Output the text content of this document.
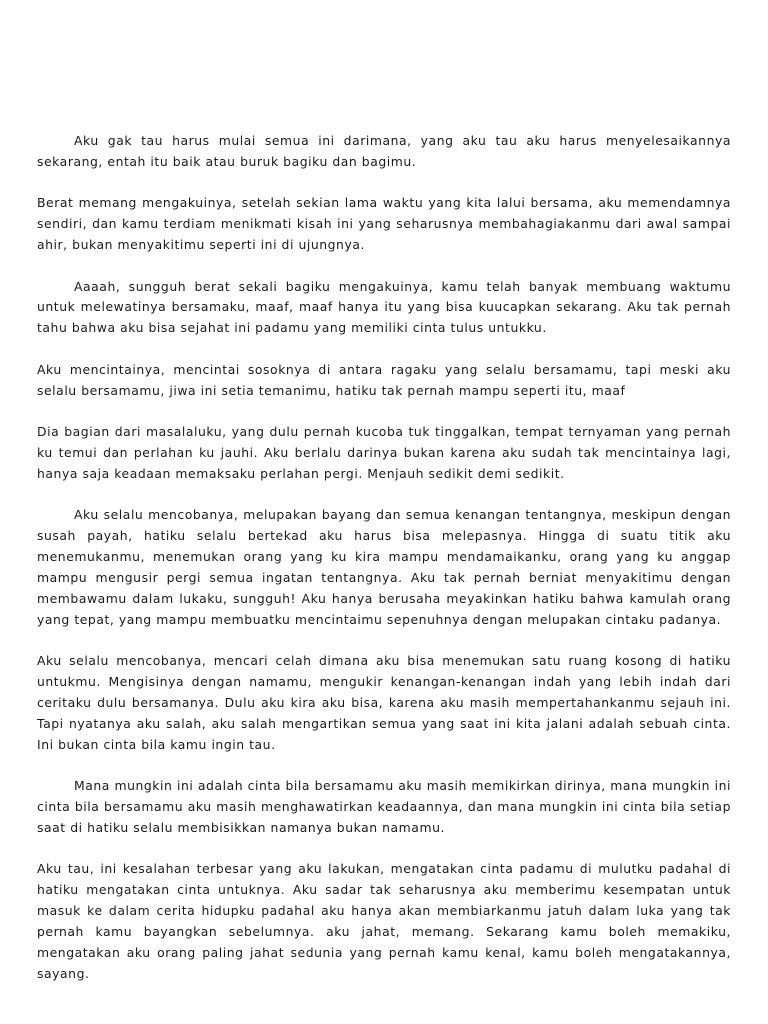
Aku gak tau harus mulai semua ini darimana, yang aku tau aku harus menyelesaikannya sekarang, entah itu baik atau buruk bagiku dan bagimu.

Berat memang mengakuinya, setelah sekian lama waktu yang kita lalui bersama, aku memendamnya sendiri, dan kamu terdiam menikmati kisah ini yang seharusnya membahagiakanmu dari awal sampai ahir, bukan menyakitimu seperti ini di ujungnya.

Aaaah, sungguh berat sekali bagiku mengakuinya, kamu telah banyak membuang waktumu untuk melewatinya bersamaku, maaf, maaf hanya itu yang bisa kuucapkan sekarang. Aku tak pernah tahu bahwa aku bisa sejahat ini padamu yang memiliki cinta tulus untukku.

Aku mencintainya, mencintai sosoknya di antara ragaku yang selalu bersamamu, tapi meski aku selalu bersamamu, jiwa ini setia temanimu, hatiku tak pernah mampu seperti itu, maaf

Dia bagian dari masalaluku, yang dulu pernah kucoba tuk tinggalkan, tempat ternyaman yang pernah ku temui dan perlahan ku jauhi. Aku berlalu darinya bukan karena aku sudah tak mencintainya lagi, hanya saja keadaan memaksaku perlahan pergi. Menjauh sedikit demi sedikit.

Aku selalu mencobanya, melupakan bayang dan semua kenangan tentangnya, meskipun dengan susah payah, hatiku selalu bertekad aku harus bisa melepasnya. Hingga di suatu titik aku menemukanmu, menemukan orang yang ku kira mampu mendamaikanku, orang yang ku anggap mampu mengusir pergi semua ingatan tentangnya. Aku tak pernah berniat menyakitimu dengan membawamu dalam lukaku, sungguh! Aku hanya berusaha meyakinkan hatiku bahwa kamulah orang yang tepat, yang mampu membuatku mencintaimu sepenuhnya dengan melupakan cintaku padanya.

Aku selalu mencobanya, mencari celah dimana aku bisa menemukan satu ruang kosong di hatiku untukmu. Mengisinya dengan namamu, mengukir kenangan-kenangan indah yang lebih indah dari ceritaku dulu bersamanya. Dulu aku kira aku bisa, karena aku masih mempertahankanmu sejauh ini. Tapi nyatanya aku salah, aku salah mengartikan semua yang saat ini kita jalani adalah sebuah cinta. Ini bukan cinta bila kamu ingin tau.

Mana mungkin ini adalah cinta bila bersamamu aku masih memikirkan dirinya, mana mungkin ini cinta bila bersamamu aku masih menghawatirkan keadaannya, dan mana mungkin ini cinta bila setiap saat di hatiku selalu membisikkan namanya bukan namamu.

Aku tau, ini kesalahan terbesar yang aku lakukan, mengatakan cinta padamu di mulutku padahal di hatiku mengatakan cinta untuknya. Aku sadar tak seharusnya aku memberimu kesempatan untuk masuk ke dalam cerita hidupku padahal aku hanya akan membiarkanmu jatuh dalam luka yang tak pernah kamu bayangkan sebelumnya. aku jahat, memang. Sekarang kamu boleh memakiku, mengatakan aku orang paling jahat sedunia yang pernah kamu kenal, kamu boleh mengatakannya, sayang.
